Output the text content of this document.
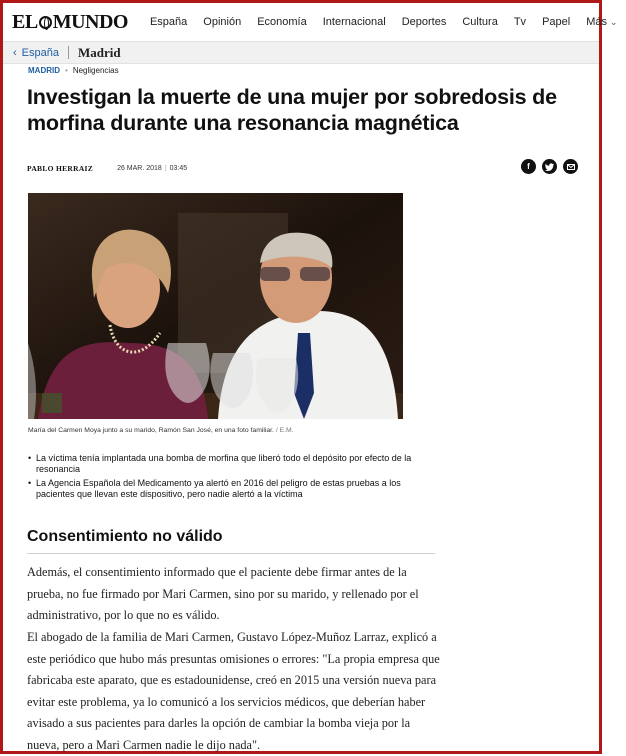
EL MUNDO	España	Opinión	Economía	Internacional	Deportes	Cultura	Tv	Papel	Más ⌄
‹ España Madrid
MADRID • Negligencias
Investigan la muerte de una mujer por sobredosis de morfina durante una resonancia magnética
PABLO HERRAIZ	26 MAR. 2018 | 03:45	f
María del Carmen Moya junto a su marido, Ramón San José, en una foto familiar. / E.M.
• La víctima tenía implantada una bomba de morfina que liberó todo el depósito por efecto de la resonancia
• La Agencia Española del Medicamento ya alertó en 2016 del peligro de estas pruebas a los pacientes que llevan este dispositivo, pero nadie alertó a la víctima
Consentimiento no válido

Además, el consentimiento informado que el paciente debe firmar antes de la prueba, no fue firmado por Mari Carmen, sino por su marido, y rellenado por el administrativo, por lo que no es válido.

El abogado de la familia de Mari Carmen, Gustavo López-Muñoz Larraz, explicó a este periódico que hubo más presuntas omisiones o errores: "La propia empresa que fabricaba este aparato, que es estadounidense, creó en 2015 una versión nueva para evitar este problema, ya lo comunicó a los servicios médicos, que deberían haber avisado a sus pacientes para darles la opción de cambiar la bomba vieja por la nueva, pero a Mari Carmen nadie le dijo nada".
